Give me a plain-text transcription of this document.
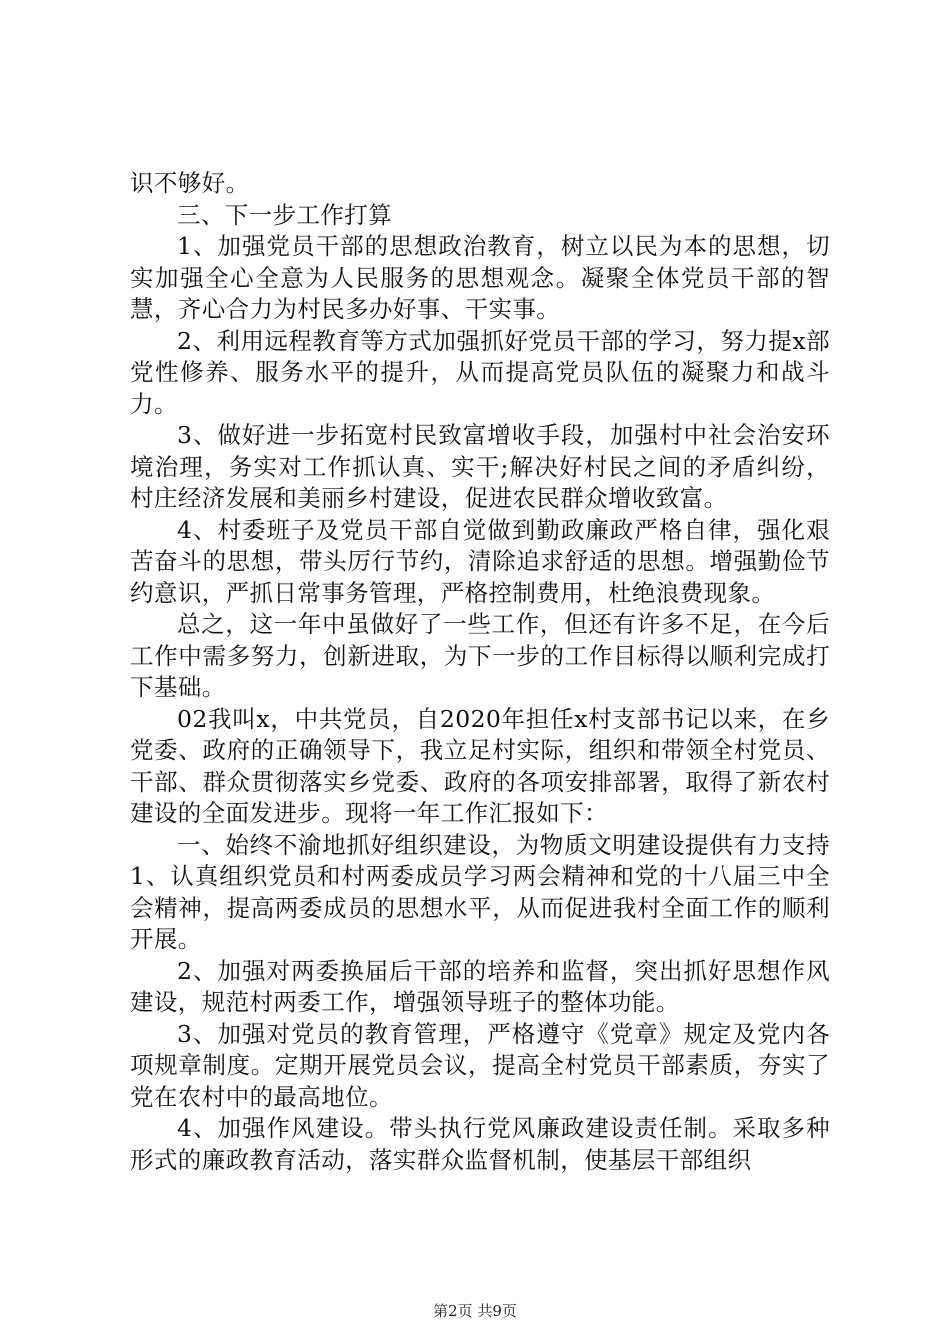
识不够好。

三、下一步工作打算

1、加强党员干部的思想政治教育，树立以民为本的思想，切实加强全心全意为人民服务的思想观念。凝聚全体党员干部的智慧，齐心合力为村民多办好事、干实事。

2、利用远程教育等方式加强抓好党员干部的学习，努力提x部党性修养、服务水平的提升，从而提高党员队伍的凝聚力和战斗力。

3、做好进一步拓宽村民致富增收手段，加强村中社会治安环境治理，务实对工作抓认真、实干;解决好村民之间的矛盾纠纷，村庄经济发展和美丽乡村建设，促进农民群众增收致富。

4、村委班子及党员干部自觉做到勤政廉政严格自律，强化艰苦奋斗的思想，带头厉行节约，清除追求舒适的思想。增强勤俭节约意识，严抓日常事务管理，严格控制费用，杜绝浪费现象。

总之，这一年中虽做好了一些工作，但还有许多不足，在今后工作中需多努力，创新进取，为下一步的工作目标得以顺利完成打下基础。

02我叫x，中共党员，自2020年担任x村支部书记以来，在乡党委、政府的正确领导下，我立足村实际，组织和带领全村党员、干部、群众贯彻落实乡党委、政府的各项安排部署，取得了新农村建设的全面发进步。现将一年工作汇报如下：

一、始终不渝地抓好组织建设，为物质文明建设提供有力支持1、认真组织党员和村两委成员学习两会精神和党的十八届三中全会精神，提高两委成员的思想水平，从而促进我村全面工作的顺利开展。

2、加强对两委换届后干部的培养和监督，突出抓好思想作风建设，规范村两委工作，增强领导班子的整体功能。

3、加强对党员的教育管理，严格遵守《党章》规定及党内各项规章制度。定期开展党员会议，提高全村党员干部素质，夯实了党在农村中的最高地位。

4、加强作风建设。带头执行党风廉政建设责任制。采取多种形式的廉政教育活动，落实群众监督机制，使基层干部组织

第2页 共9页
